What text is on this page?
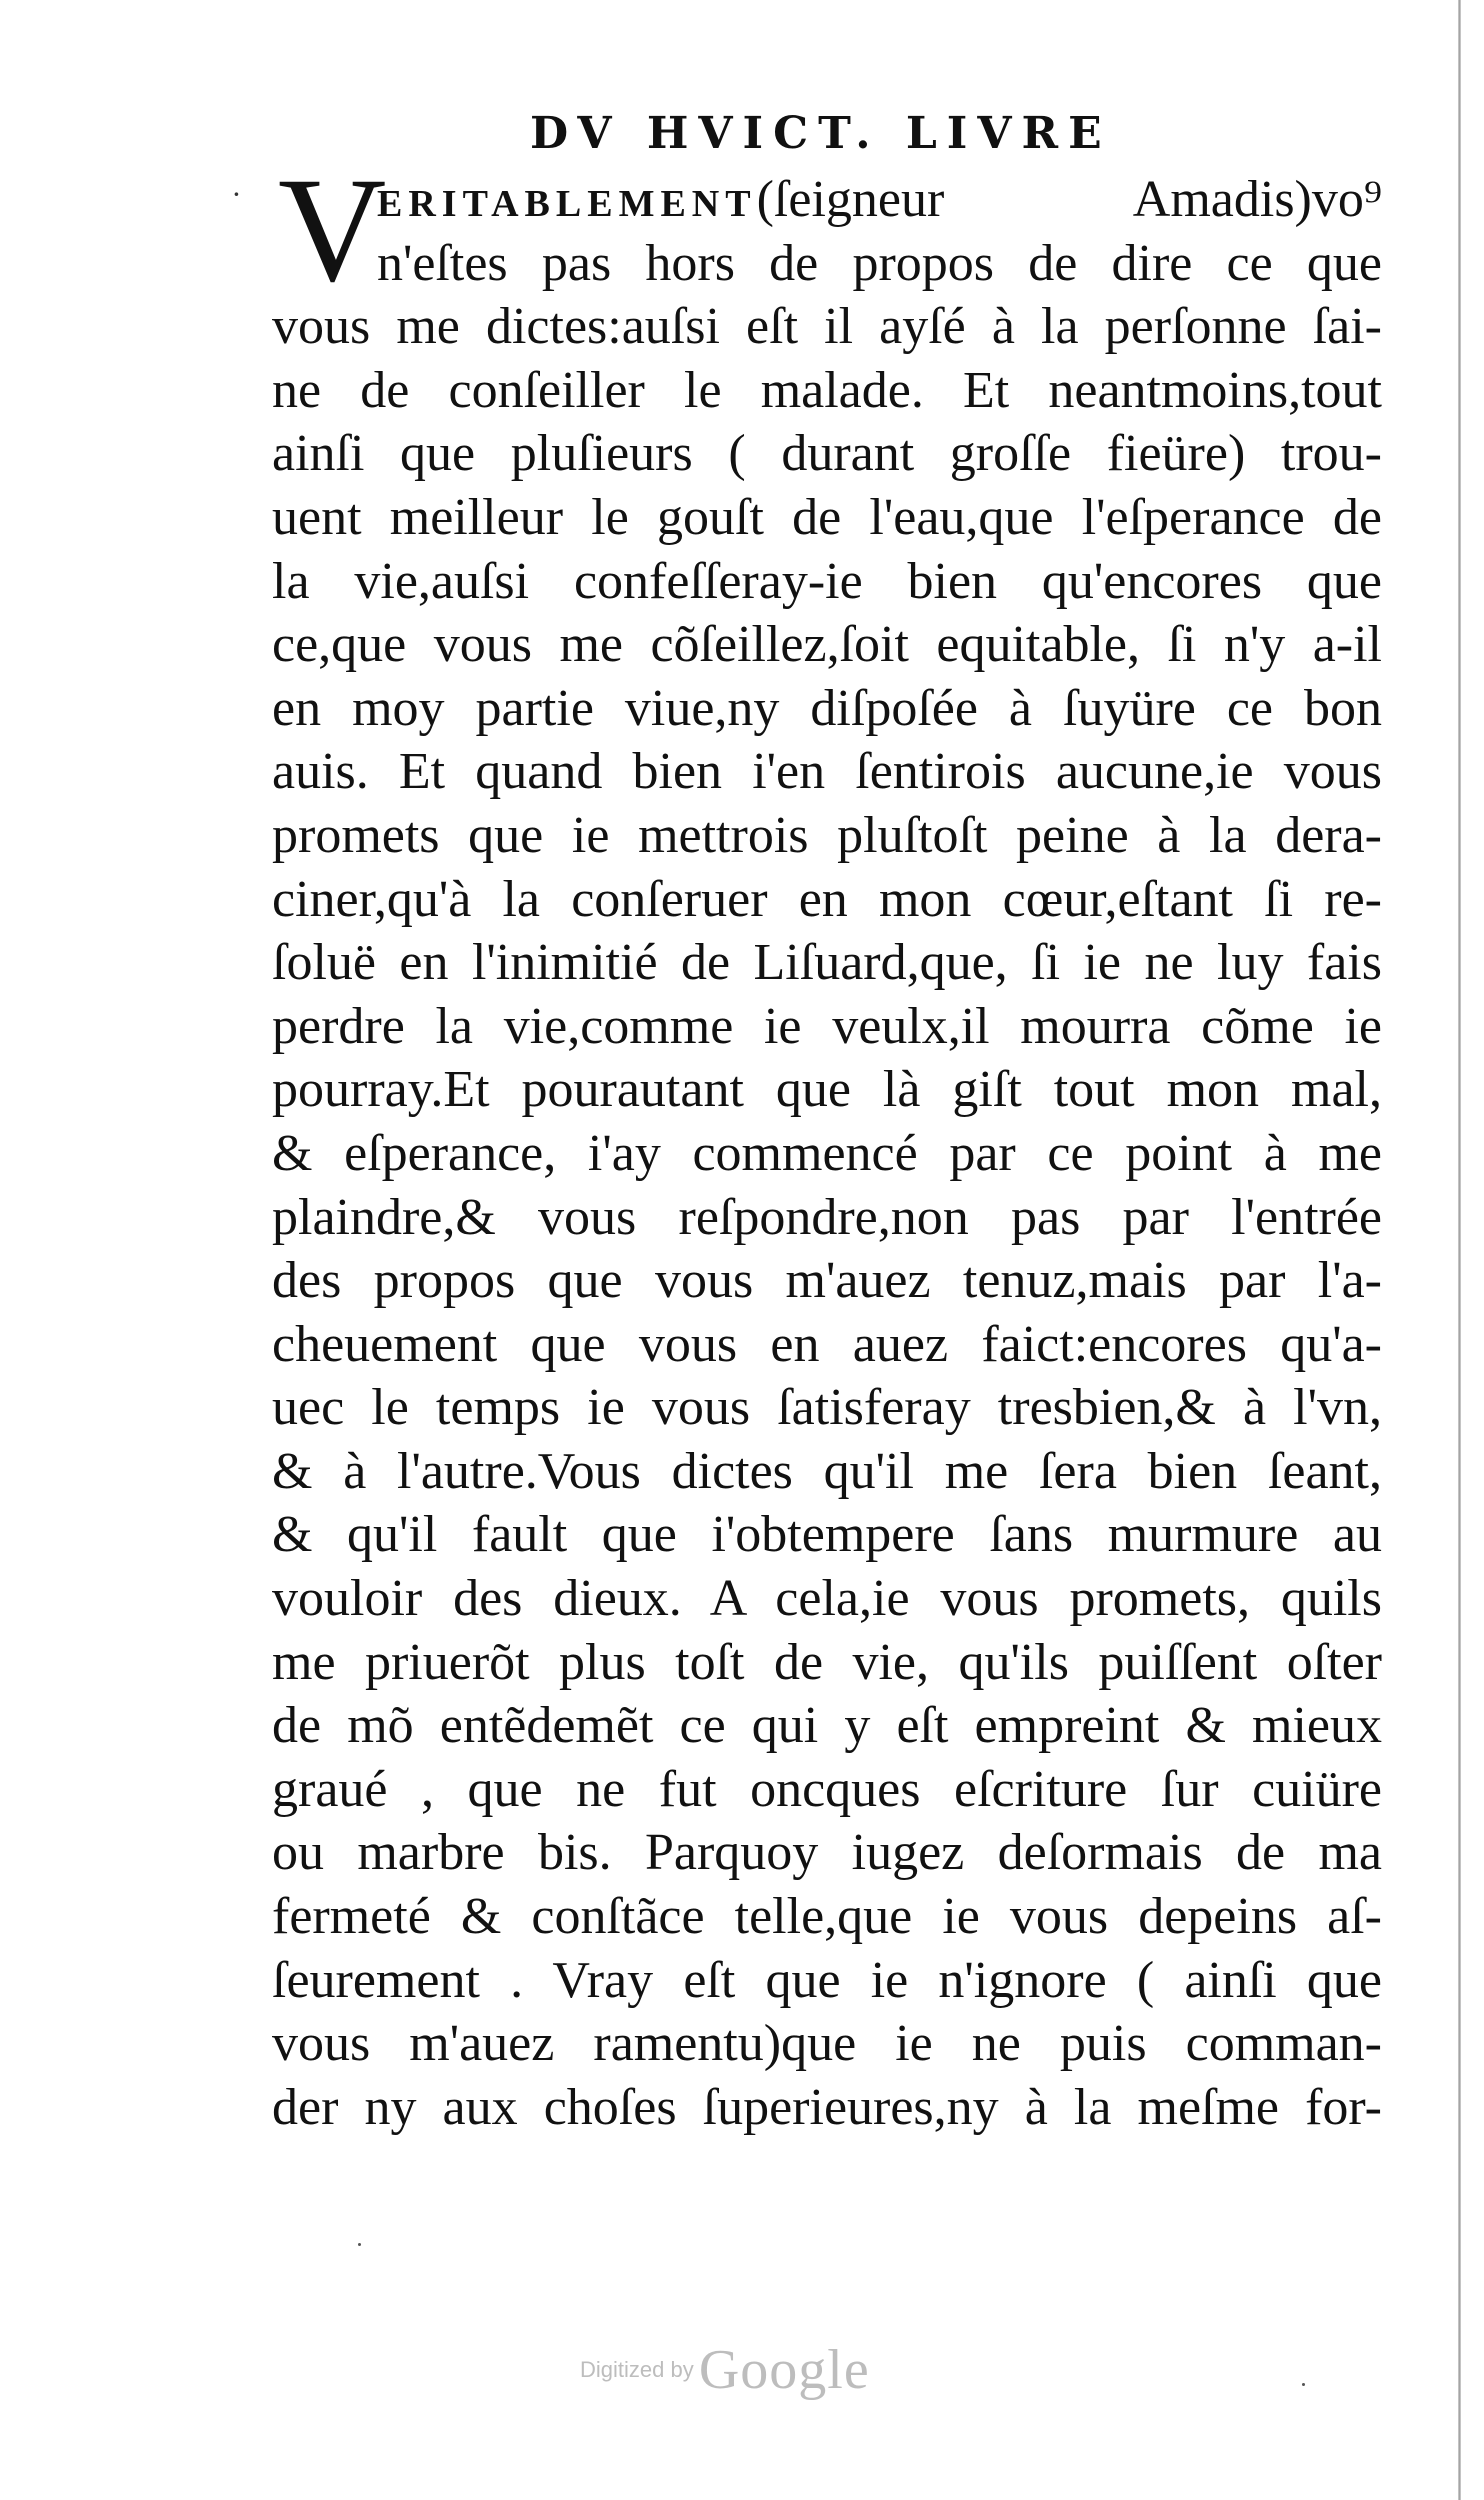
DV HVICT. LIVRE
· V
ERITABLEMENT(ſeigneur Amadis)vo⁹
n'eſtes pas hors de propos de dire ce que
vous me dictes:auſsi eſt il ayſé à la perſonne ſai-
ne de conſeiller le malade. Et neantmoins,tout
ainſi que pluſieurs ( durant groſſe fieüre) trou-
uent meilleur le gouſt de l'eau,que l'eſperance de
la vie,auſsi confeſſeray-ie bien qu'encores que
ce,que vous me cõſeillez,ſoit equitable, ſi n'y a-il
en moy partie viue,ny diſpoſée à ſuyüre ce bon
auis. Et quand bien i'en ſentirois aucune,ie vous
promets que ie mettrois pluſtoſt peine à la dera-
ciner,qu'à la conſeruer en mon cœur,eſtant ſi re-
ſoluë en l'inimitié de Liſuard,que, ſi ie ne luy fais
perdre la vie,comme ie veulx,il mourra cõme ie
pourray.Et pourautant que là giſt tout mon mal,
& eſperance, i'ay commencé par ce point à me
plaindre,& vous reſpondre,non pas par l'entrée
des propos que vous m'auez tenuz,mais par l'a-
cheuement que vous en auez faict:encores qu'a-
uec le temps ie vous ſatisferay tresbien,& à l'vn,
& à l'autre.Vous dictes qu'il me ſera bien ſeant,
& qu'il fault que i'obtempere ſans murmure au
vouloir des dieux. A cela,ie vous promets, quils
me priuerõt plus toſt de vie, qu'ils puiſſent oſter
de mõ entẽdemẽt ce qui y eſt empreint & mieux
graué , que ne fut oncques eſcriture ſur cuiüre
ou marbre bis. Parquoy iugez deſormais de ma
fermeté & conſtãce telle,que ie vous depeins aſ-
ſeurement . Vray eſt que ie n'ignore ( ainſi que
vous m'auez ramentu)que ie ne puis comman-
der ny aux choſes ſuperieures,ny à la meſme for-
Digitized by Google
